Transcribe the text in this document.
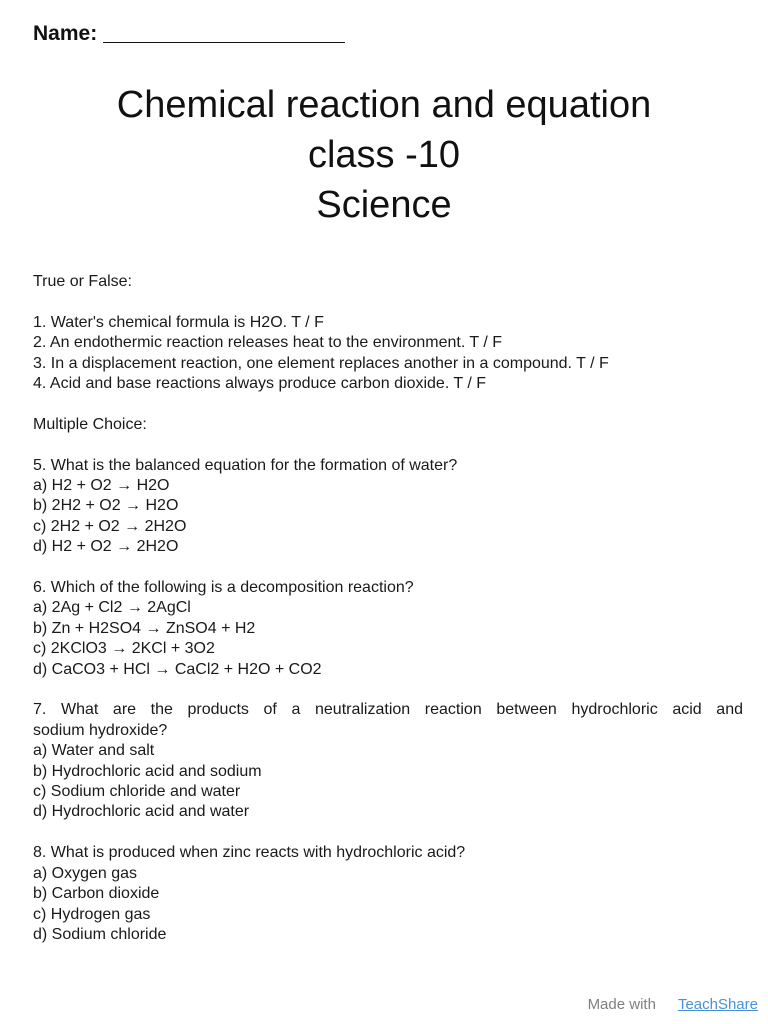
Name:
Chemical reaction and equation
class -10
Science
True or False:
1. Water's chemical formula is H2O. T / F
2. An endothermic reaction releases heat to the environment. T / F
3. In a displacement reaction, one element replaces another in a compound. T / F
4. Acid and base reactions always produce carbon dioxide. T / F
Multiple Choice:
5. What is the balanced equation for the formation of water?
a) H2 + O2 → H2O
b) 2H2 + O2 → H2O
c) 2H2 + O2 → 2H2O
d) H2 + O2 → 2H2O
6. Which of the following is a decomposition reaction?
a) 2Ag + Cl2 → 2AgCl
b) Zn + H2SO4 → ZnSO4 + H2
c) 2KClO3 → 2KCl + 3O2
d) CaCO3 + HCl → CaCl2 + H2O + CO2
7. What are the products of a neutralization reaction between hydrochloric acid and
sodium hydroxide?
a) Water and salt
b) Hydrochloric acid and sodium
c) Sodium chloride and water
d) Hydrochloric acid and water
8. What is produced when zinc reacts with hydrochloric acid?
a) Oxygen gas
b) Carbon dioxide
c) Hydrogen gas
d) Sodium chloride
Made with TeachShare
